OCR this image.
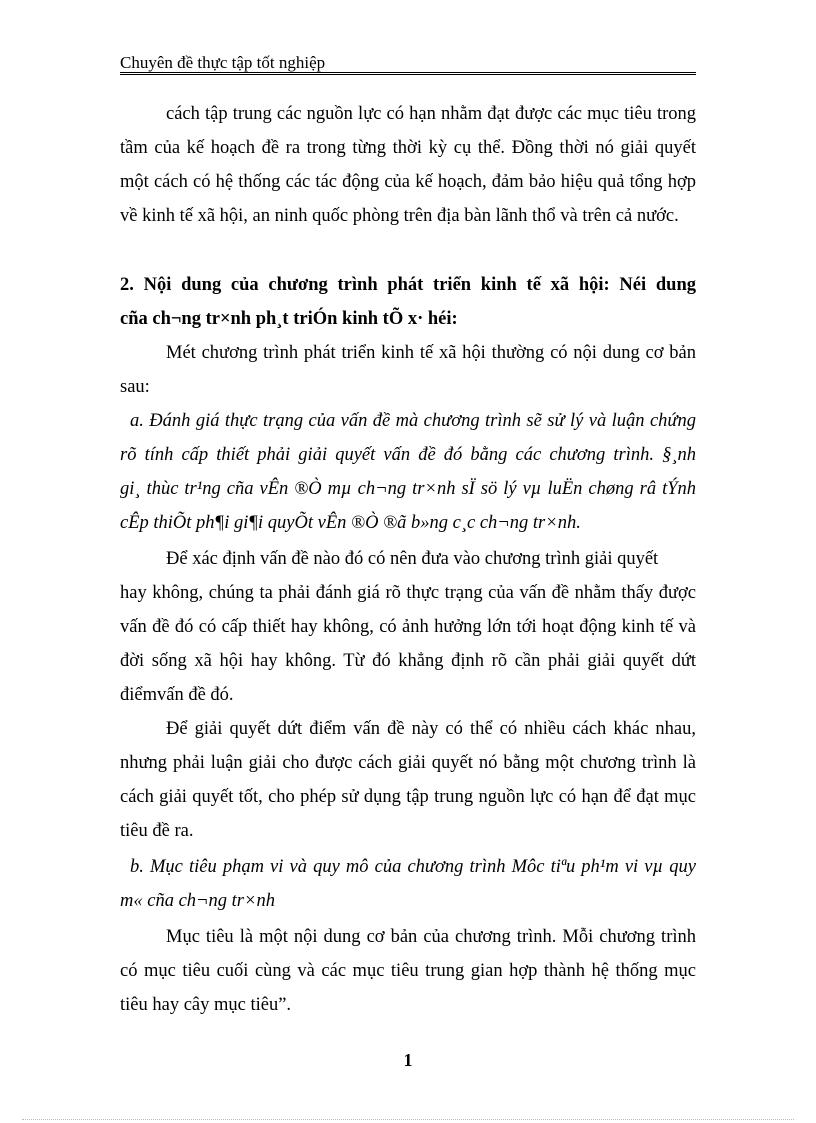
Chuyên đề thực tập tốt nghiệp
cách tập trung các nguồn lực có hạn nhằm đạt được các mục tiêu trong
tầm của kế hoạch đề ra trong từng thời kỳ cụ thể. Đồng thời nó giải quyết
một cách có hệ thống các tác động của kế hoạch, đảm bảo hiệu quả tổng hợp
về kinh tế xã hội, an ninh quốc phòng trên địa bàn lãnh thổ và trên cả nước.
2. Nội dung của chương trình phát triển kinh tế xã hội: Néi dung
cña ch¬ng tr×nh ph¸t triÓn kinh tÕ x· héi:
Mét chương trình phát triển kinh tế xã hội thường có nội dung cơ bản
sau:
a. Đánh giá thực trạng của vấn đề mà chương trình sẽ sử lý và luận chứng
rõ tính cấp thiết phải giải quyết vấn đề đó bằng các chương trình. §¸nh
gi¸ thùc tr¹ng cña vÊn ®Ò mµ ch¬ng tr×nh sÏ sö lý vµ luËn chøng râ tÝnh
cÊp thiÕt ph¶i gi¶i quyÕt vÊn ®Ò ®ã b»ng c¸c ch¬ng tr×nh.
Để xác định vấn đề nào đó có nên đưa vào chương trình giải quyết
hay không, chúng ta phải đánh giá rõ thực trạng của vấn đề nhằm thấy được
vấn đề đó có cấp thiết hay không, có ảnh hưởng lớn tới hoạt động kinh tế và
đời sống xã hội hay không. Từ đó khẳng định rõ cần phải giải quyết dứt
điểmvấn đề đó.
Để giải quyết dứt điểm vấn đề này có thể có nhiều cách khác nhau,
nhưng phải luận giải cho được cách giải quyết nó bằng một chương trình là
cách giải quyết tốt, cho phép sử dụng tập trung nguồn lực có hạn để đạt mục
tiêu đề ra.
b. Mục tiêu phạm vi và quy mô của chương trình Môc tiªu ph¹m vi vµ quy
m« cña ch¬ng tr×nh
Mục tiêu là một nội dung cơ bản của chương trình. Mỗi chương trình
có mục tiêu cuối cùng và các mục tiêu trung gian hợp thành hệ thống mục
tiêu hay cây mục tiêu”.
1
